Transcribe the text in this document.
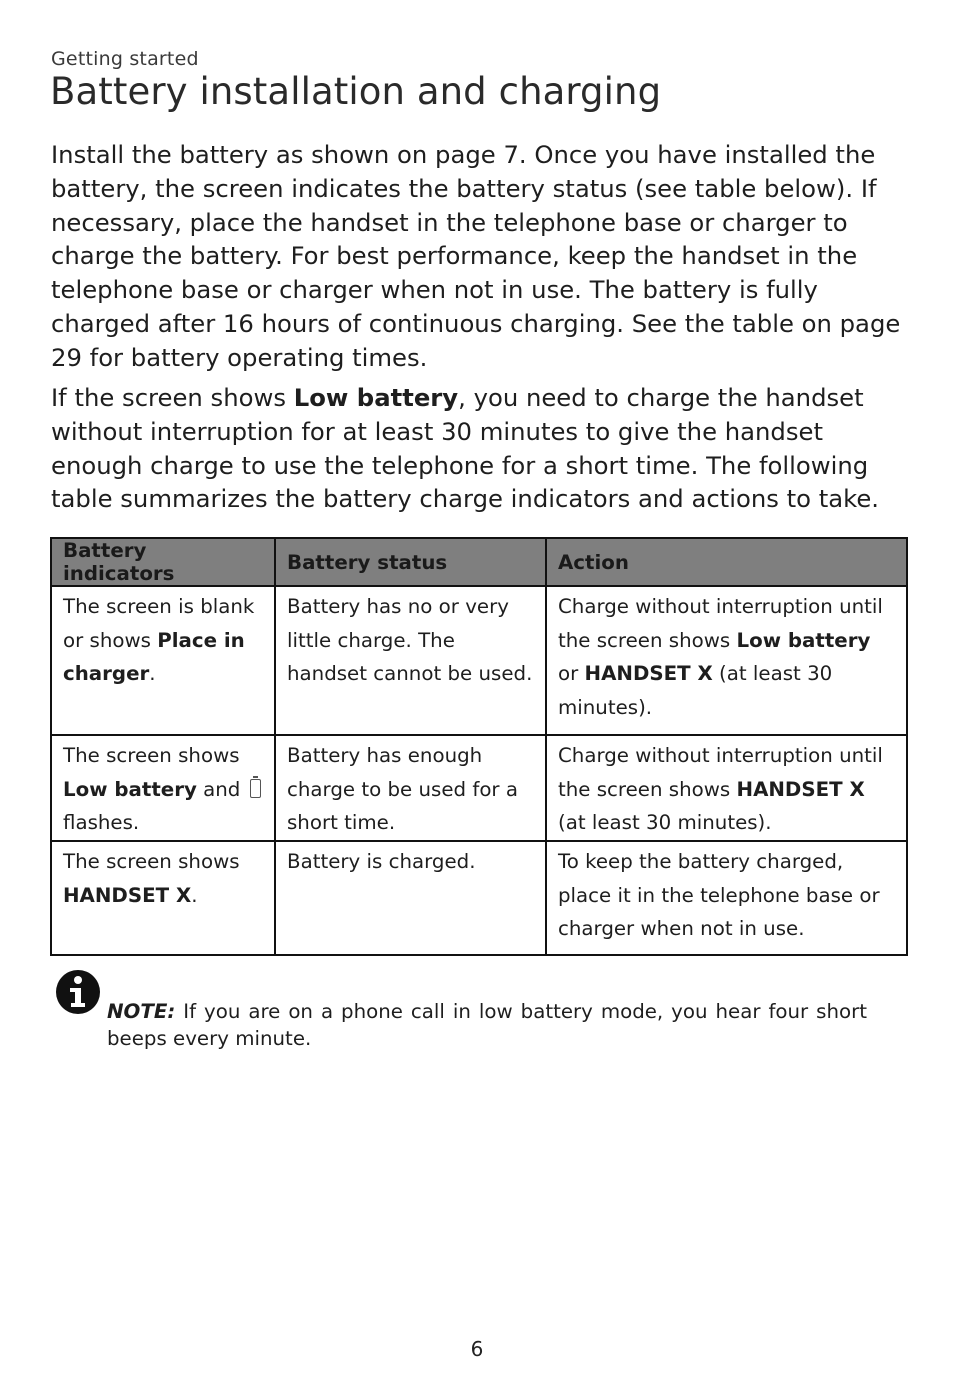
Getting started
Battery installation and charging

Install the battery as shown on page 7. Once you have installed the battery, the screen indicates the battery status (see table below). If necessary, place the handset in the telephone base or charger to charge the battery. For best performance, keep the handset in the telephone base or charger when not in use. The battery is fully charged after 16 hours of continuous charging. See the table on page 29 for battery operating times.

If the screen shows Low battery, you need to charge the handset without interruption for at least 30 minutes to give the handset enough charge to use the telephone for a short time. The following table summarizes the battery charge indicators and actions to take.

Battery indicators	Battery status	Action
The screen is blank or shows Place in charger.	Battery has no or very little charge. The handset cannot be used.	Charge without interruption until the screen shows Low battery or HANDSET X (at least 30 minutes).
The screen shows Low battery and  flashes.	Battery has enough charge to be used for a short time.	Charge without interruption until the screen shows HANDSET X (at least 30 minutes).
The screen shows HANDSET X.	Battery is charged.	To keep the battery charged, place it in the telephone base or charger when not in use.

NOTE: If you are on a phone call in low battery mode, you hear four short beeps every minute.

6
